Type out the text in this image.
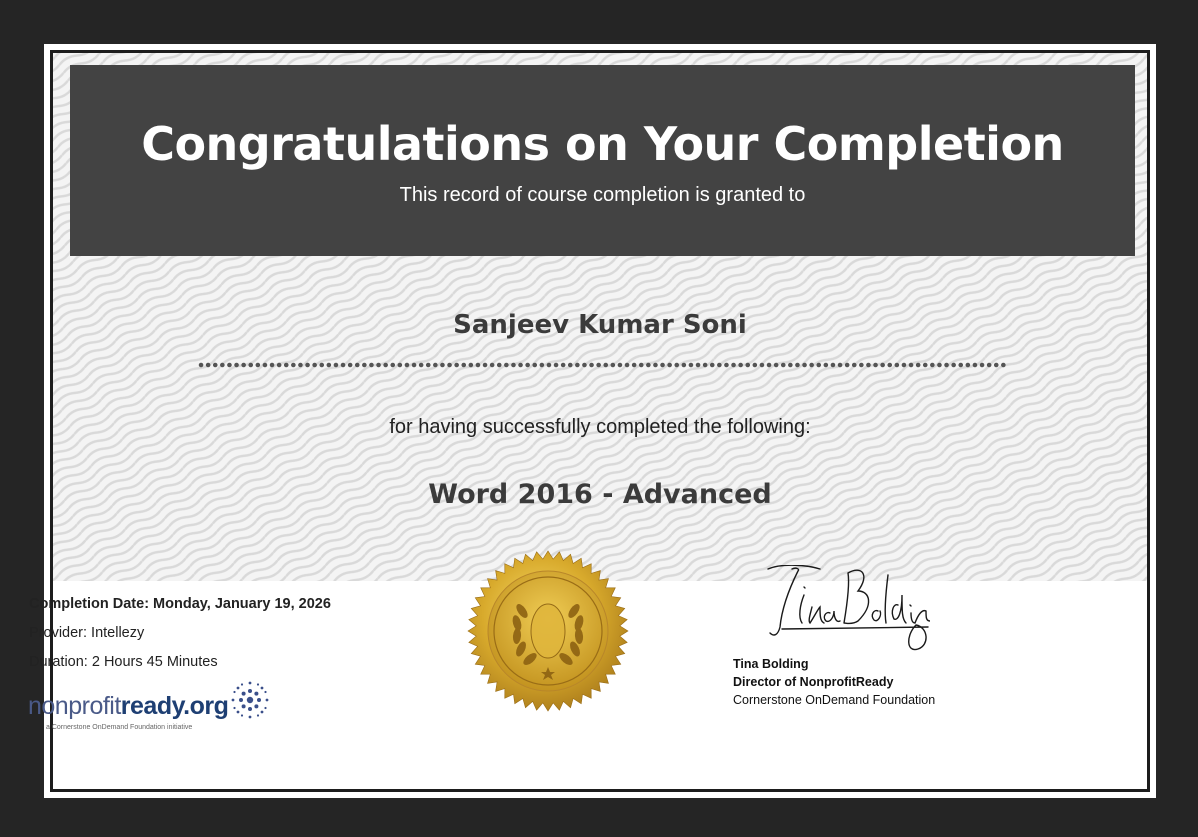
Congratulations on Your Completion
This record of course completion is granted to
Sanjeev Kumar Soni
for having successfully completed the following:
Word 2016 - Advanced
Completion Date: Monday, January 19, 2026
Provider: Intellezy
Duration: 2 Hours 45 Minutes
nonprofitready.org
a Cornerstone OnDemand Foundation initiative
Tina Bolding
Director of NonprofitReady
Cornerstone OnDemand Foundation
